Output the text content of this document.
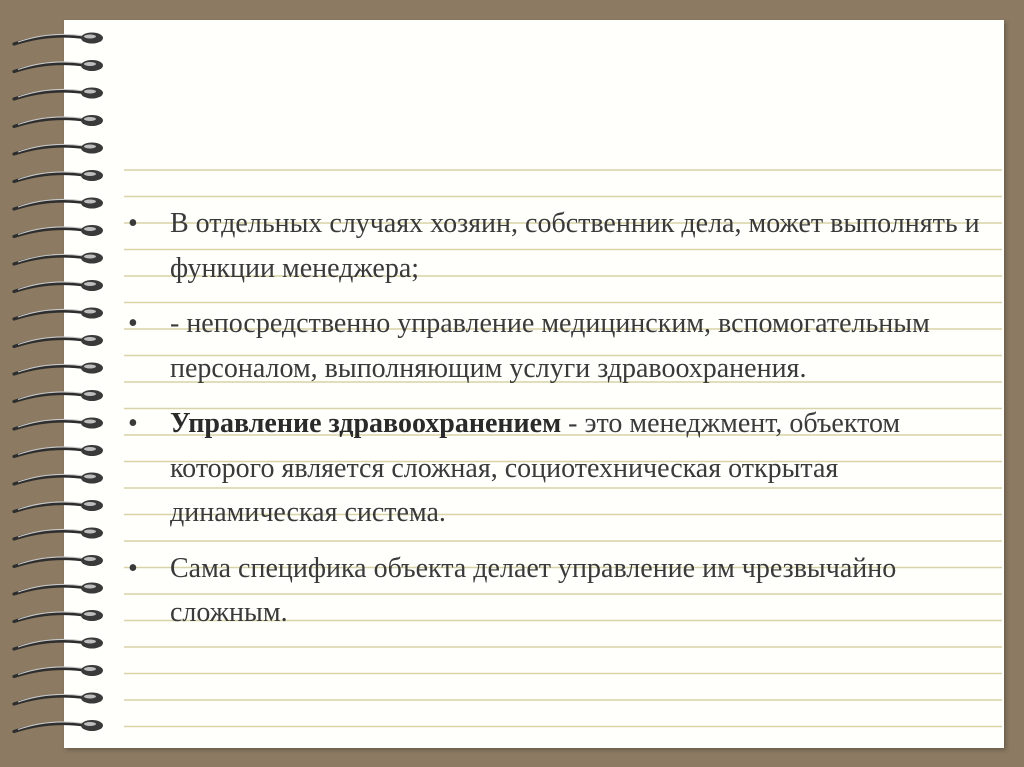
• В отдельных случаях хозяин, собственник дела, может выполнять и функции менеджера;
• - непосредственно управление медицинским, вспомогательным персоналом, выполняющим услуги здравоохранения.
• Управление здравоохранением - это менеджмент, объектом которого является сложная, социотехническая открытая динамическая система.
• Сама специфика объекта делает управление им чрезвычайно сложным.
